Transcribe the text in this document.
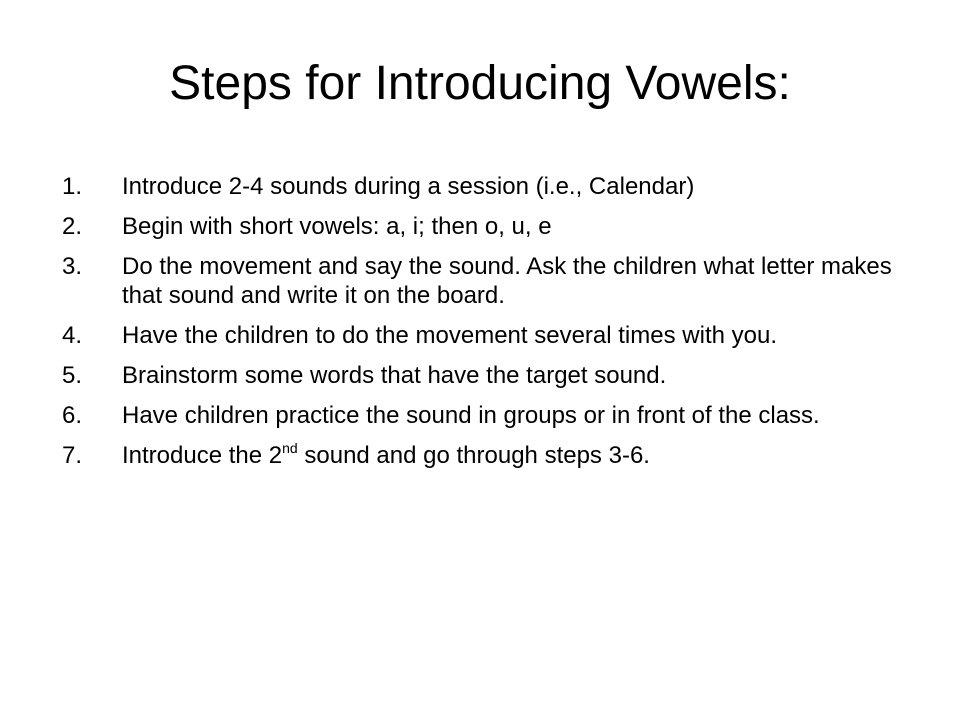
Steps for Introducing Vowels:
1.	Introduce 2-4 sounds during a session (i.e., Calendar)
2.	Begin with short vowels: a, i; then o, u, e
3.	Do the movement and say the sound. Ask the children what letter makes that sound and write it on the board.
4.	Have the children to do the movement several times with you.
5.	Brainstorm some words that have the target sound.
6.	Have children practice the sound in groups or in front of the class.
7.	Introduce the 2nd sound and go through steps 3-6.
